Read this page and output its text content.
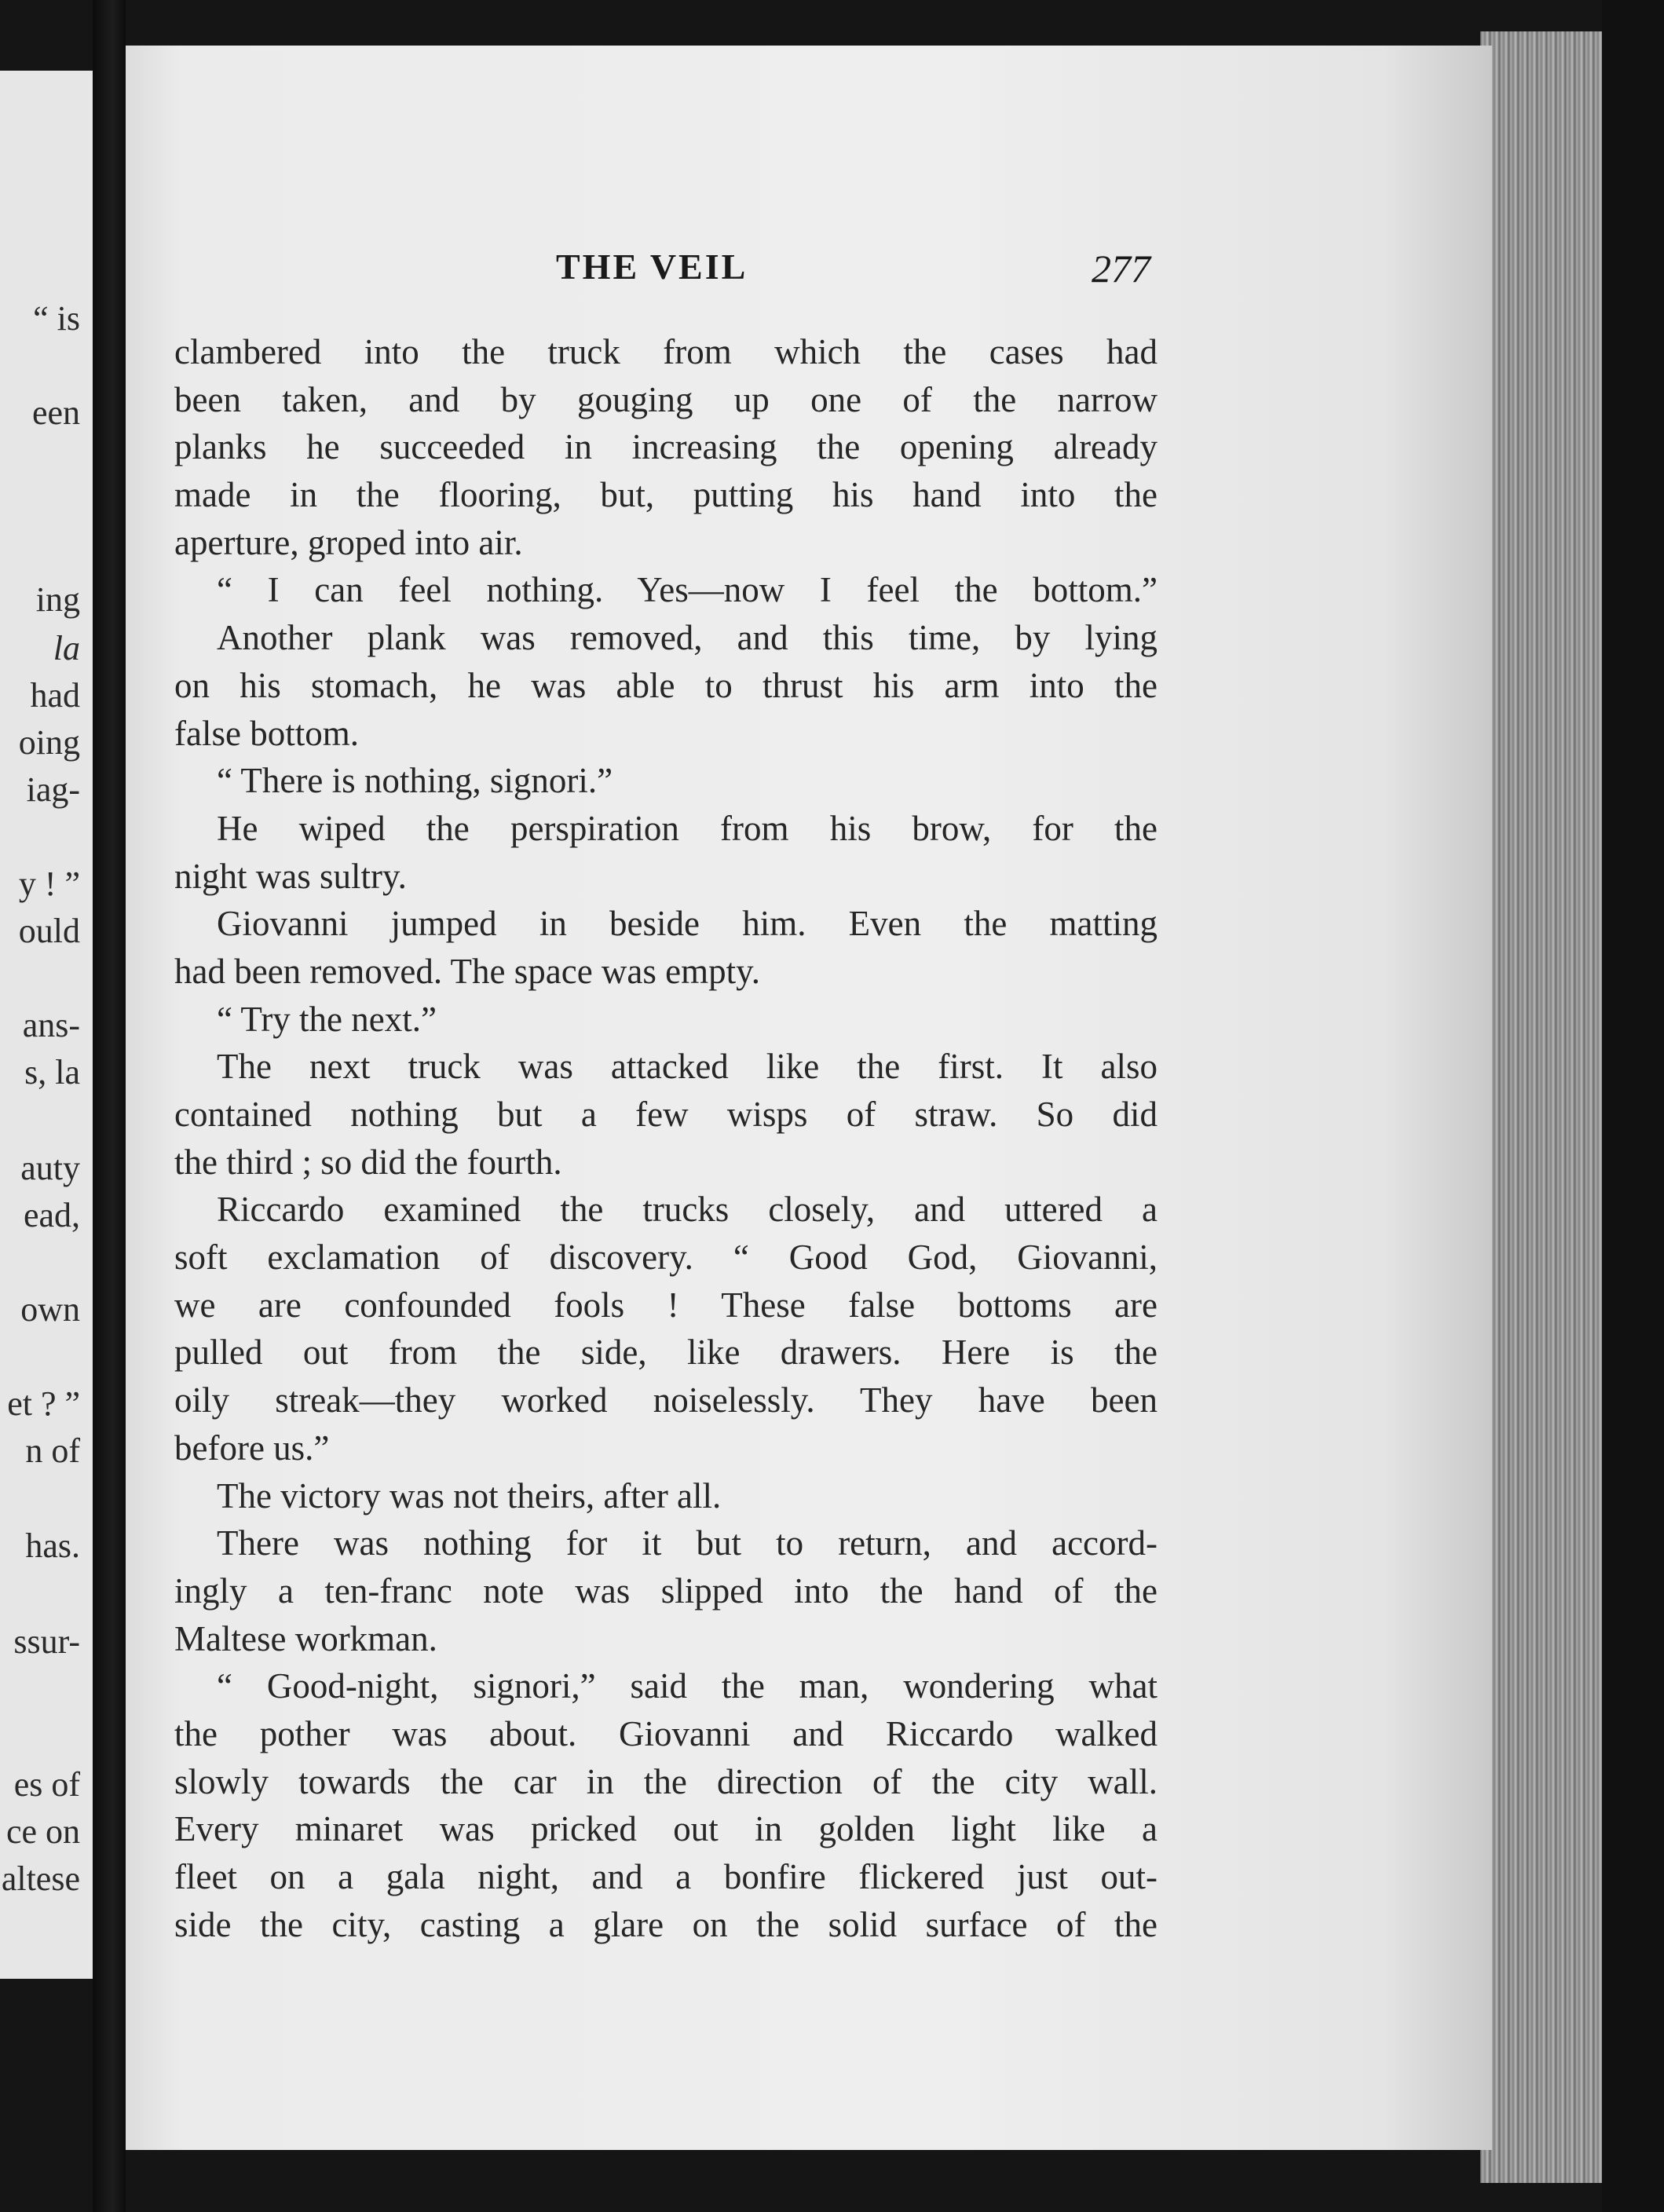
“ is
een
ing
la
had
oing
iag-
y ! ”
ould
ans-
s, la
auty
ead,
own
et ? ”
n of
has.
ssur-
es of
ce on
altese
THE VEIL	277
clambered into the truck from which the cases had
been taken, and by gouging up one of the narrow
planks he succeeded in increasing the opening already
made in the flooring, but, putting his hand into the
aperture, groped into air.
“ I can feel nothing. Yes—now I feel the bottom.”
Another plank was removed, and this time, by lying
on his stomach, he was able to thrust his arm into the
false bottom.
“ There is nothing, signori.”
He wiped the perspiration from his brow, for the
night was sultry.
Giovanni jumped in beside him. Even the matting
had been removed. The space was empty.
“ Try the next.”
The next truck was attacked like the first. It also
contained nothing but a few wisps of straw. So did
the third ; so did the fourth.
Riccardo examined the trucks closely, and uttered a
soft exclamation of discovery. “ Good God, Giovanni,
we are confounded fools ! These false bottoms are
pulled out from the side, like drawers. Here is the
oily streak—they worked noiselessly. They have been
before us.”
The victory was not theirs, after all.
There was nothing for it but to return, and accord-
ingly a ten-franc note was slipped into the hand of the
Maltese workman.
“ Good-night, signori,” said the man, wondering what
the pother was about. Giovanni and Riccardo walked
slowly towards the car in the direction of the city wall.
Every minaret was pricked out in golden light like a
fleet on a gala night, and a bonfire flickered just out-
side the city, casting a glare on the solid surface of the
